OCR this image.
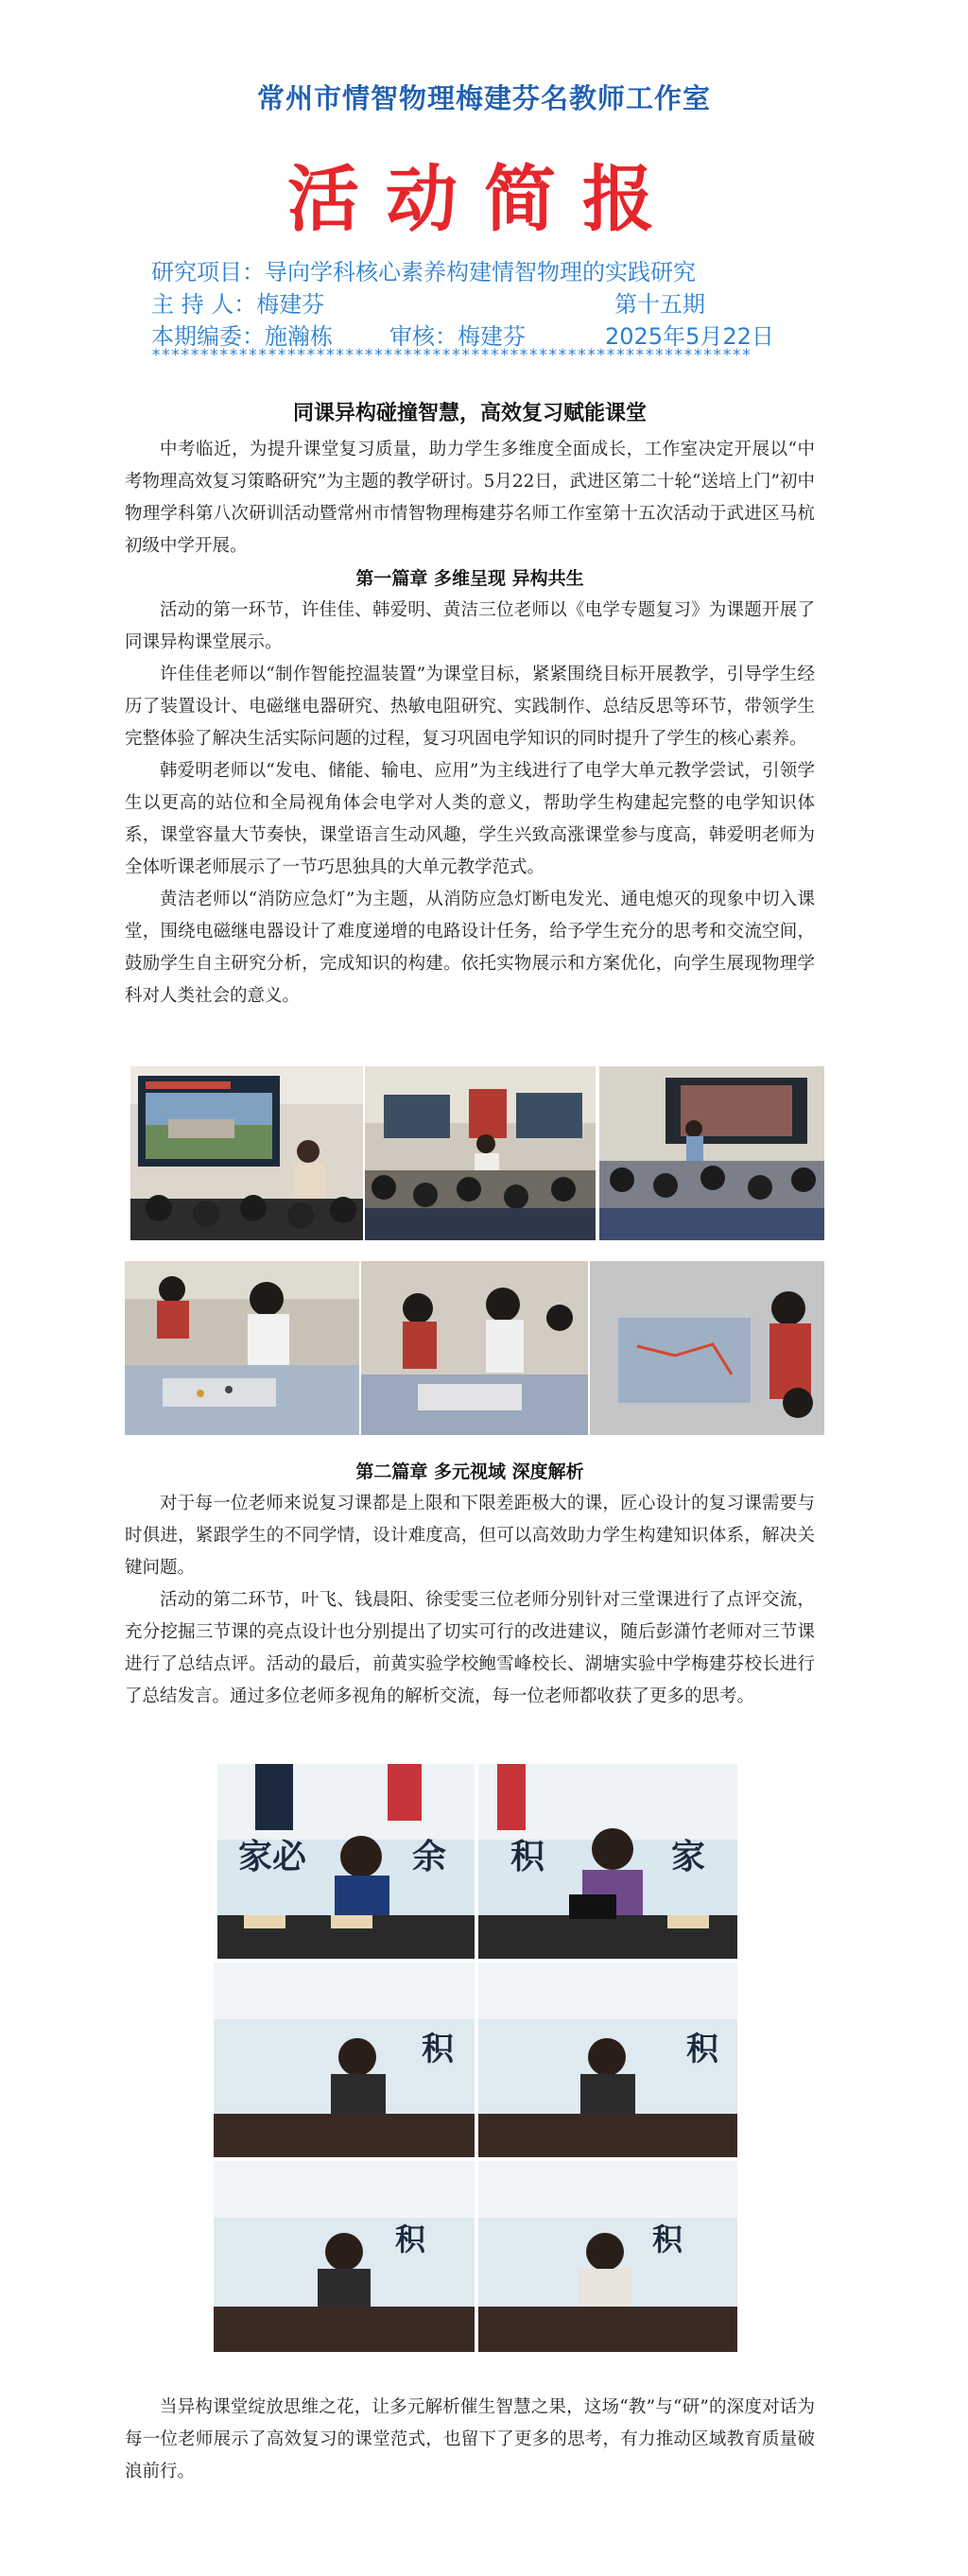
常州市情智物理梅建芬名教师工作室
活动简报
研究项目：导向学科核心素养构建情智物理的实践研究
主 持 人：梅建芬	第十五期
本期编委：施瀚栋	审核：梅建芬	2025年5月22日
**************************************************************
同课异构碰撞智慧，高效复习赋能课堂

中考临近，为提升课堂复习质量，助力学生多维度全面成长，工作室决定开展以“中考物理高效复习策略研究”为主题的教学研讨。5月22日，武进区第二十轮“送培上门”初中物理学科第八次研训活动暨常州市情智物理梅建芬名师工作室第十五次活动于武进区马杭初级中学开展。

第一篇章 多维呈现 异构共生

活动的第一环节，许佳佳、韩爱明、黄洁三位老师以《电学专题复习》为课题开展了同课异构课堂展示。

许佳佳老师以“制作智能控温装置”为课堂目标，紧紧围绕目标开展教学，引导学生经历了装置设计、电磁继电器研究、热敏电阻研究、实践制作、总结反思等环节，带领学生完整体验了解决生活实际问题的过程，复习巩固电学知识的同时提升了学生的核心素养。

韩爱明老师以“发电、储能、输电、应用”为主线进行了电学大单元教学尝试，引领学生以更高的站位和全局视角体会电学对人类的意义，帮助学生构建起完整的电学知识体系，课堂容量大节奏快，课堂语言生动风趣，学生兴致高涨课堂参与度高，韩爱明老师为全体听课老师展示了一节巧思独具的大单元教学范式。

黄洁老师以“消防应急灯”为主题，从消防应急灯断电发光、通电熄灭的现象中切入课堂，围绕电磁继电器设计了难度递增的电路设计任务，给予学生充分的思考和交流空间，鼓励学生自主研究分析，完成知识的构建。依托实物展示和方案优化，向学生展现物理学科对人类社会的意义。

第二篇章 多元视域 深度解析

对于每一位老师来说复习课都是上限和下限差距极大的课，匠心设计的复习课需要与时俱进，紧跟学生的不同学情，设计难度高，但可以高效助力学生构建知识体系，解决关键问题。

活动的第二环节，叶飞、钱晨阳、徐雯雯三位老师分别针对三堂课进行了点评交流，充分挖掘三节课的亮点设计也分别提出了切实可行的改进建议，随后彭潇竹老师对三节课进行了总结点评。活动的最后，前黄实验学校鲍雪峰校长、湖塘实验中学梅建芬校长进行了总结发言。通过多位老师多视角的解析交流，每一位老师都收获了更多的思考。

家必	余 积	家
积	积
积	积

当异构课堂绽放思维之花，让多元解析催生智慧之果，这场“教”与“研”的深度对话为每一位老师展示了高效复习的课堂范式，也留下了更多的思考，有力推动区域教育质量破浪前行。
